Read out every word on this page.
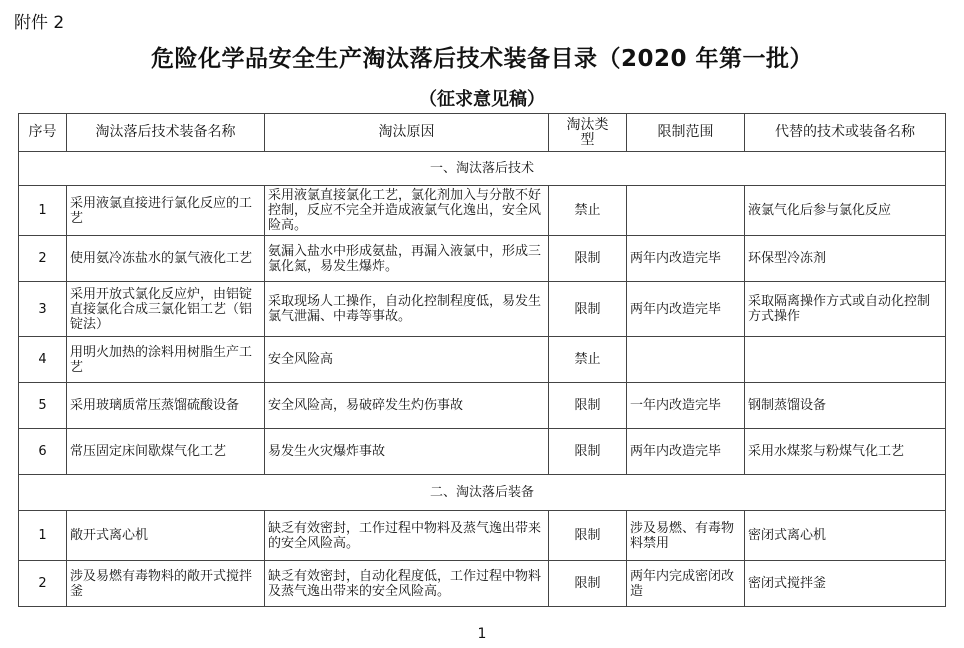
附件 2
危险化学品安全生产淘汰落后技术装备目录（2020 年第一批）
（征求意见稿）
序号	淘汰落后技术装备名称	淘汰原因	淘汰类型	限制范围	代替的技术或装备名称
一、淘汰落后技术					
1	采用液氯直接进行氯化反应的工艺	采用液氯直接氯化工艺，氯化剂加入与分散不好控制，反应不完全并造成液氯气化逸出，安全风险高。	禁止		液氯气化后参与氯化反应
2	使用氨冷冻盐水的氯气液化工艺	氨漏入盐水中形成氨盐，再漏入液氯中，形成三氯化氮，易发生爆炸。	限制	两年内改造完毕	环保型冷冻剂
3	采用开放式氯化反应炉，由铝锭直接氯化合成三氯化铝工艺（铝锭法）	采取现场人工操作，自动化控制程度低，易发生氯气泄漏、中毒等事故。	限制	两年内改造完毕	采取隔离操作方式或自动化控制方式操作
4	用明火加热的涂料用树脂生产工艺	安全风险高	禁止		
5	采用玻璃质常压蒸馏硫酸设备	安全风险高，易破碎发生灼伤事故	限制	一年内改造完毕	钢制蒸馏设备
6	常压固定床间歇煤气化工艺	易发生火灾爆炸事故	限制	两年内改造完毕	采用水煤浆与粉煤气化工艺
二、淘汰落后装备					
1	敞开式离心机	缺乏有效密封，工作过程中物料及蒸气逸出带来的安全风险高。	限制	涉及易燃、有毒物料禁用	密闭式离心机
2	涉及易燃有毒物料的敞开式搅拌釜	缺乏有效密封，自动化程度低，工作过程中物料及蒸气逸出带来的安全风险高。	限制	两年内完成密闭改造	密闭式搅拌釜
1
